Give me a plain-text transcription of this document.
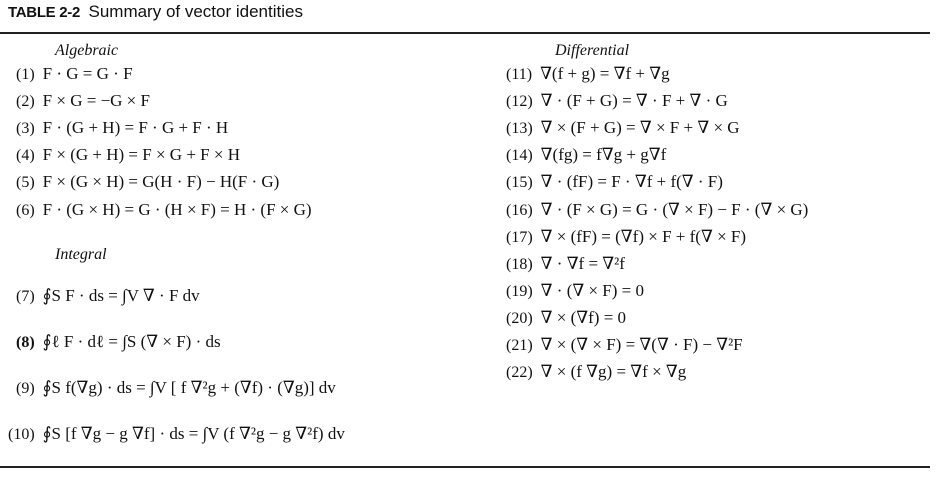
TABLE 2-2 Summary of vector identities
Algebraic
(1) F · G = G · F
(2) F × G = −G × F
(3) F · (G + H) = F · G + F · H
(4) F × (G + H) = F × G + F × H
(5) F × (G × H) = G(H · F) − H(F · G)
(6) F · (G × H) = G · (H × F) = H · (F × G)
Integral
(7) ∮S F · ds = ∫V ∇ · F dv
(8) ∮ℓ F · dℓ = ∫S (∇ × F) · ds
(9) ∮S f(∇g) · ds = ∫V [ f ∇²g + (∇f) · (∇g)] dv
(10) ∮S [f ∇g − g ∇f] · ds = ∫V (f ∇²g − g ∇²f) dv
Differential
(11) ∇(f + g) = ∇f + ∇g
(12) ∇ · (F + G) = ∇ · F + ∇ · G
(13) ∇ × (F + G) = ∇ × F + ∇ × G
(14) ∇(fg) = f∇g + g∇f
(15) ∇ · (fF) = F · ∇f + f(∇ · F)
(16) ∇ · (F × G) = G · (∇ × F) − F · (∇ × G)
(17) ∇ × (fF) = (∇f) × F + f(∇ × F)
(18) ∇ · ∇f = ∇²f
(19) ∇ · (∇ × F) = 0
(20) ∇ × (∇f) = 0
(21) ∇ × (∇ × F) = ∇(∇ · F) − ∇²F
(22) ∇ × (f ∇g) = ∇f × ∇g
